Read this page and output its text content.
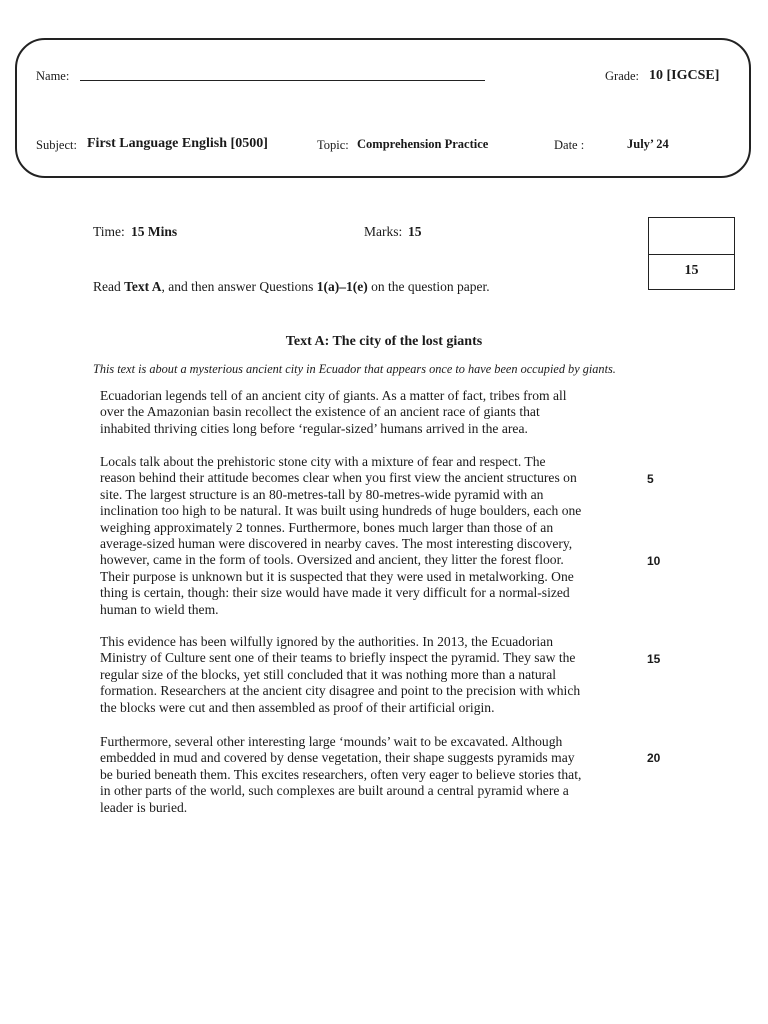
Name:	Grade: 10 [IGCSE]
Subject: First Language English [0500]	Topic: Comprehension Practice	Date :	July’ 24
Time: 15 Mins	Marks: 15
15
Read Text A, and then answer Questions 1(a)–1(e) on the question paper.
Text A: The city of the lost giants
This text is about a mysterious ancient city in Ecuador that appears once to have been occupied by giants.
Ecuadorian legends tell of an ancient city of giants. As a matter of fact, tribes from all
over the Amazonian basin recollect the existence of an ancient race of giants that
inhabited thriving cities long before ‘regular-sized’ humans arrived in the area.
Locals talk about the prehistoric stone city with a mixture of fear and respect. The
reason behind their attitude becomes clear when you first view the ancient structures on
site. The largest structure is an 80-metres-tall by 80-metres-wide pyramid with an
inclination too high to be natural. It was built using hundreds of huge boulders, each one
weighing approximately 2 tonnes. Furthermore, bones much larger than those of an
average-sized human were discovered in nearby caves. The most interesting discovery,
however, came in the form of tools. Oversized and ancient, they litter the forest floor.
Their purpose is unknown but it is suspected that they were used in metalworking. One
thing is certain, though: their size would have made it very difficult for a normal-sized
human to wield them.
This evidence has been wilfully ignored by the authorities. In 2013, the Ecuadorian
Ministry of Culture sent one of their teams to briefly inspect the pyramid. They saw the
regular size of the blocks, yet still concluded that it was nothing more than a natural
formation. Researchers at the ancient city disagree and point to the precision with which
the blocks were cut and then assembled as proof of their artificial origin.
Furthermore, several other interesting large ‘mounds’ wait to be excavated. Although
embedded in mud and covered by dense vegetation, their shape suggests pyramids may
be buried beneath them. This excites researchers, often very eager to believe stories that,
in other parts of the world, such complexes are built around a central pyramid where a
leader is buried.
5
10
15
20
